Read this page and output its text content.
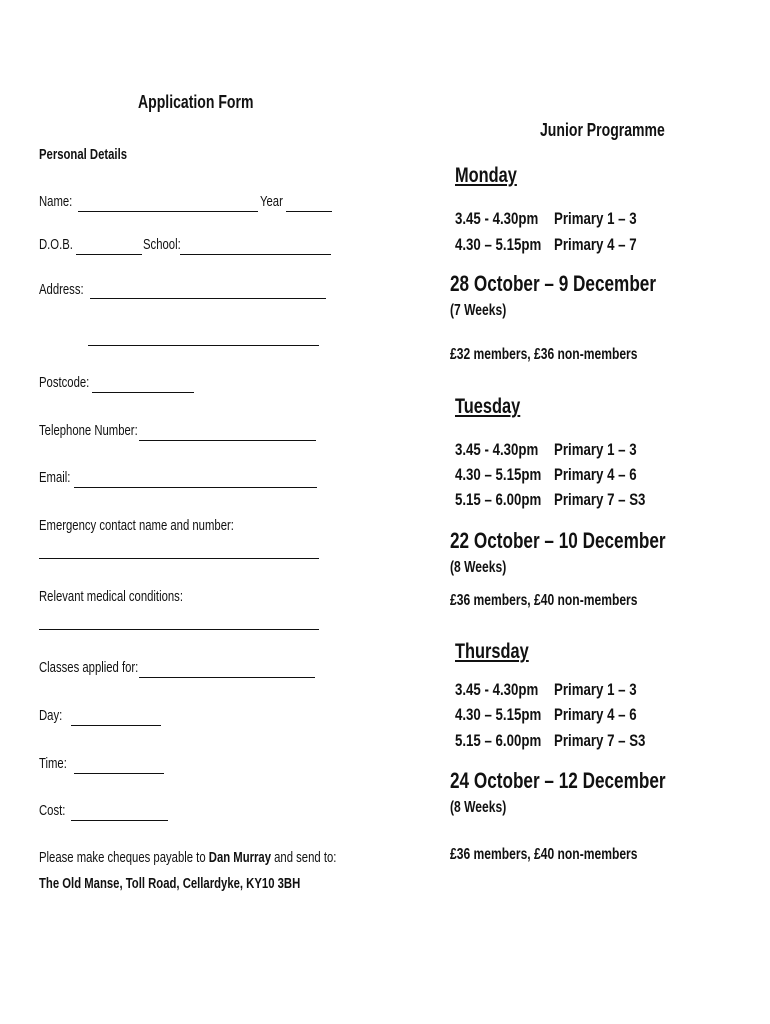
Application Form
Personal Details
Name:	Year
D.O.B.	School:
Address:
Postcode:
Telephone Number:
Email:
Emergency contact name and number:
Relevant medical conditions:
Classes applied for:
Day:
Time:
Cost:
Please make cheques payable to Dan Murray and send to:
The Old Manse, Toll Road, Cellardyke, KY10 3BH
Junior Programme
Monday
3.45 - 4.30pm Primary 1 – 3
4.30 – 5.15pm Primary 4 – 7
28 October – 9 December
(7 Weeks)
£32 members, £36 non-members
Tuesday
3.45 - 4.30pm Primary 1 – 3
4.30 – 5.15pm Primary 4 – 6
5.15 – 6.00pm Primary 7 – S3
22 October – 10 December
(8 Weeks)
£36 members, £40 non-members
Thursday
3.45 - 4.30pm Primary 1 – 3
4.30 – 5.15pm Primary 4 – 6
5.15 – 6.00pm Primary 7 – S3
24 October – 12 December
(8 Weeks)
£36 members, £40 non-members
